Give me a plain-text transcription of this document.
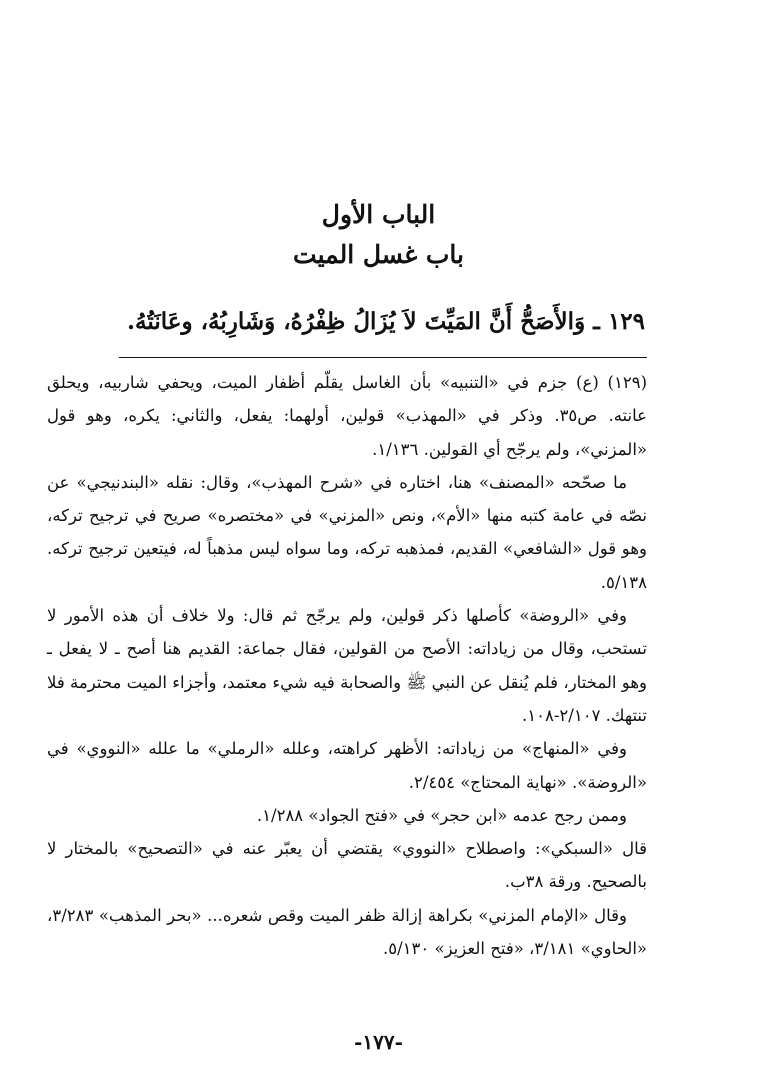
الباب الأول
باب غسل الميت

١٢٩ ـ وَالأَصَحُّ أَنَّ المَيِّتَ لاَ يُزَالُ ظِفْرُهُ، وَشَارِبُهُ، وعَانَتُهُ.

(١٢٩) (ع) جزم في «التنبيه» بأن الغاسل يقلّم أظفار الميت، ويحفي شاربيه، ويحلق عانته. ص٣٥. وذكر في «المهذب» قولين، أولهما: يفعل، والثاني: يكره، وهو قول «المزني»، ولم يرجّح أي القولين. ١/١٣٦.

ما صحّحه «المصنف» هنا، اختاره في «شرح المهذب»، وقال: نقله «البندنيجي» عن نصّه في عامة كتبه منها «الأم»، ونص «المزني» في «مختصره» صريح في ترجيح تركه، وهو قول «الشافعي» القديم، فمذهبه تركه، وما سواه ليس مذهباً له، فيتعين ترجيح تركه. ٥/١٣٨.

وفي «الروضة» كأصلها ذكر قولين، ولم يرجّح ثم قال: ولا خلاف أن هذه الأمور لا تستحب، وقال من زياداته: الأصح من القولين، فقال جماعة: القديم هنا أصح ـ لا يفعل ـ وهو المختار، فلم يُنقل عن النبي ﷺ والصحابة فيه شيء معتمد، وأجزاء الميت محترمة فلا تنتهك. ٢/١٠٧-١٠٨.

وفي «المنهاج» من زياداته: الأظهر كراهته، وعلله «الرملي» ما علله «النووي» في «الروضة». «نهاية المحتاج» ٢/٤٥٤.

وممن رجح عدمه «ابن حجر» في «فتح الجواد» ١/٢٨٨.

قال «السبكي»: واصطلاح «النووي» يقتضي أن يعبّر عنه في «التصحيح» بالمختار لا بالصحيح. ورقة ٣٨ب.

وقال «الإمام المزني» بكراهة إزالة ظفر الميت وقص شعره... «بحر المذهب» ٣/٢٨٣، «الحاوي» ٣/١٨١، «فتح العزيز» ٥/١٣٠.

-١٧٧-
